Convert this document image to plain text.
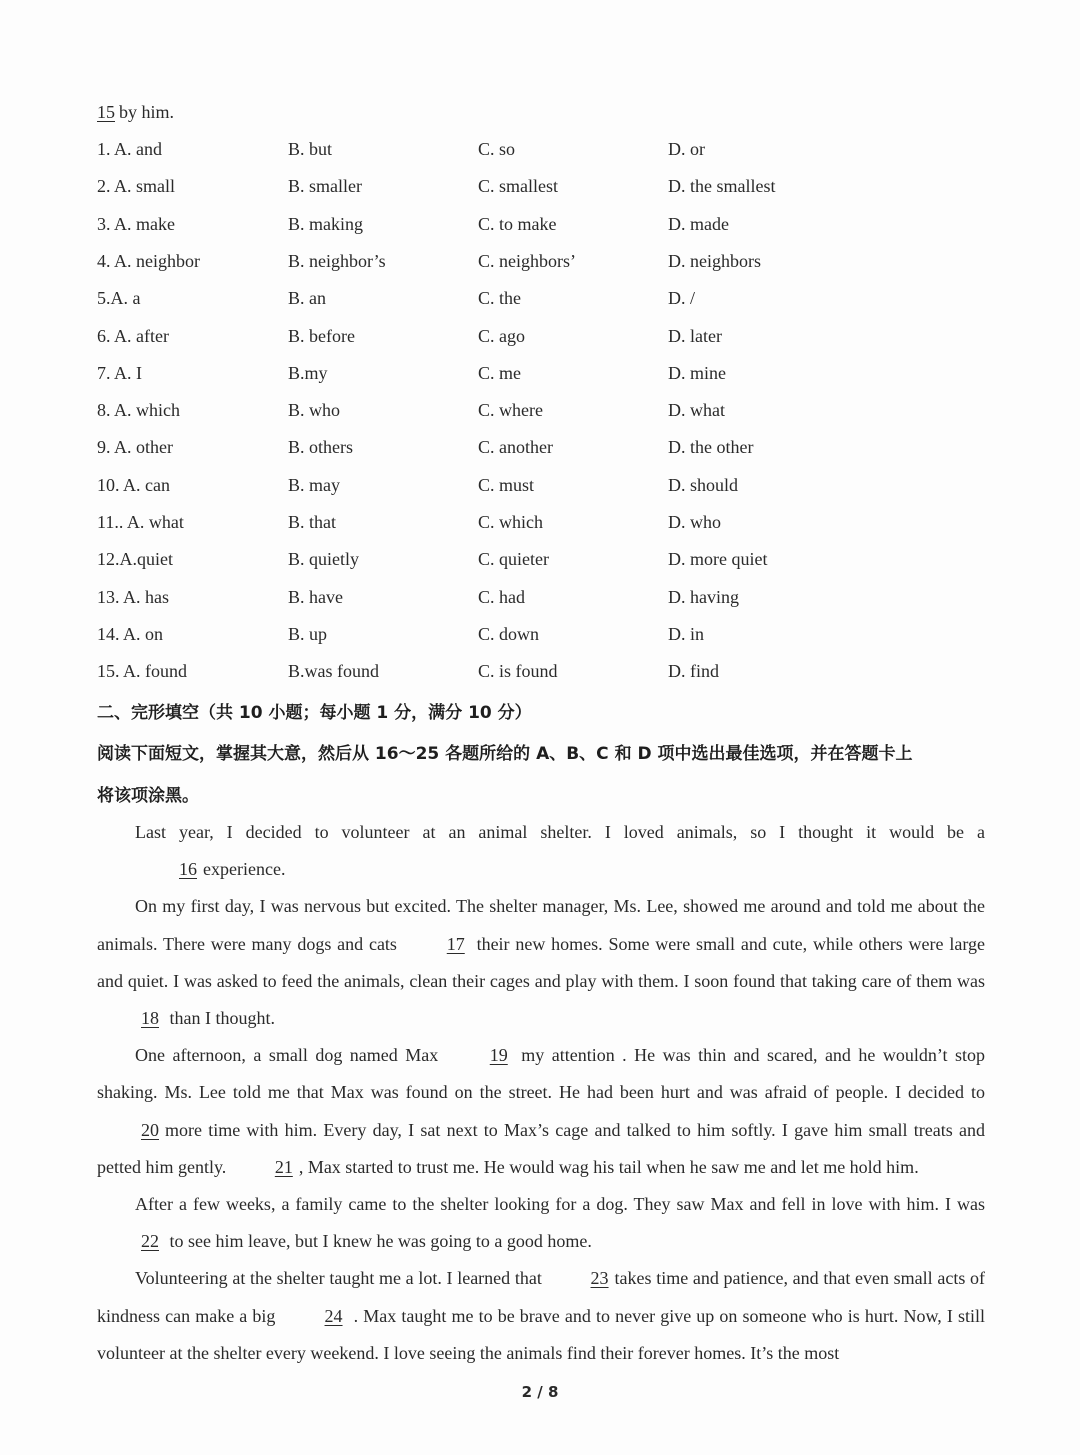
15 by him.
1. A. and	B. but	C. so	D. or
2. A. small	B. smaller	C. smallest	D. the smallest
3. A. make	B. making	C. to make	D. made
4. A. neighbor	B. neighbor’s	C. neighbors’	D. neighbors
5.A. a	B. an	C. the	D. /
6. A. after	B. before	C. ago	D. later
7. A. I	B.my	C. me	D. mine
8. A. which	B. who	C. where	D. what
9. A. other	B. others	C. another	D. the other
10. A. can	B. may	C. must	D. should
11.. A. what	B. that	C. which	D. who
12.A.quiet	B. quietly	C. quieter	D. more quiet
13. A. has	B. have	C. had	D. having
14. A. on	B. up	C. down	D. in
15. A. found	B.was found	C. is found	D. find
二、完形填空（共 10 小题；每小题 1 分，满分 10 分）
阅读下面短文，掌握其大意，然后从 16～25 各题所给的 A、B、C 和 D 项中选出最佳选项，并在答题卡上
将该项涂黑。

Last year, I decided to volunteer at an animal shelter. I loved animals, so I thought it would be a

16 experience.

On my first day, I was nervous but excited. The shelter manager, Ms. Lee, showed me around and told me about the animals. There were many dogs and cats	17 their new homes. Some were small and cute, while others were large and quiet. I was asked to feed the animals, clean their cages and play with them. I soon found that taking care of them was 18 than I thought.

One afternoon, a small dog named Max	19 my attention . He was thin and scared, and he wouldn’t stop shaking. Ms. Lee told me that Max was found on the street. He had been hurt and was afraid of people. I decided to 20 more time with him. Every day, I sat next to Max’s cage and talked to him softly. I gave him small treats and petted him gently.	21 , Max started to trust me. He would wag his tail when he saw me and let me hold him.

After a few weeks, a family came to the shelter looking for a dog. They saw Max and fell in love with him. I was 22 to see him leave, but I knew he was going to a good home.

Volunteering at the shelter taught me a lot. I learned that	23 takes time and patience, and that even small acts of kindness can make a big	24 . Max taught me to be brave and to never give up on someone who is hurt. Now, I still volunteer at the shelter every weekend. I love seeing the animals find their forever homes. It’s the most

2 / 8
